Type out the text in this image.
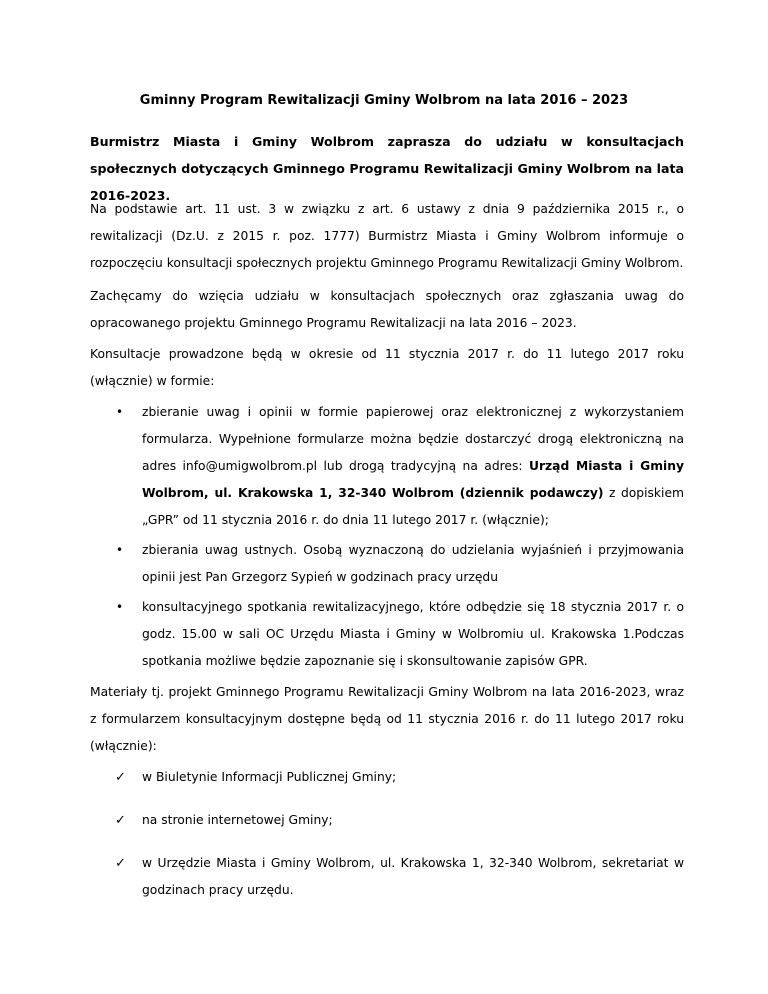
Gminny Program Rewitalizacji Gminy Wolbrom na lata 2016 – 2023
Burmistrz Miasta i Gminy Wolbrom zaprasza do udziału w konsultacjach społecznych dotyczących Gminnego Programu Rewitalizacji Gminy Wolbrom na lata 2016-2023.
Na podstawie art. 11 ust. 3 w związku z art. 6 ustawy z dnia 9 października 2015 r., o rewitalizacji (Dz.U. z 2015 r. poz. 1777) Burmistrz Miasta i Gminy Wolbrom informuje o rozpoczęciu konsultacji społecznych projektu Gminnego Programu Rewitalizacji Gminy Wolbrom.
Zachęcamy do wzięcia udziału w konsultacjach społecznych oraz zgłaszania uwag do opracowanego projektu Gminnego Programu Rewitalizacji na lata 2016 – 2023.
Konsultacje prowadzone będą w okresie od 11 stycznia 2017 r. do 11 lutego 2017 roku (włącznie) w formie:
• zbieranie uwag i opinii w formie papierowej oraz elektronicznej z wykorzystaniem formularza. Wypełnione formularze można będzie dostarczyć drogą elektroniczną na adres info@umigwolbrom.pl lub drogą tradycyjną na adres: Urząd Miasta i Gminy Wolbrom, ul. Krakowska 1, 32-340 Wolbrom (dziennik podawczy) z dopiskiem „GPR” od 11 stycznia 2016 r. do dnia 11 lutego 2017 r. (włącznie);
• zbierania uwag ustnych. Osobą wyznaczoną do udzielania wyjaśnień i przyjmowania opinii jest Pan Grzegorz Sypień w godzinach pracy urzędu
• konsultacyjnego spotkania rewitalizacyjnego, które odbędzie się 18 stycznia 2017 r. o godz. 15.00 w sali OC Urzędu Miasta i Gminy w Wolbromiu ul. Krakowska 1.Podczas spotkania możliwe będzie zapoznanie się i skonsultowanie zapisów GPR.
Materiały tj. projekt Gminnego Programu Rewitalizacji Gminy Wolbrom na lata 2016-2023, wraz z formularzem konsultacyjnym dostępne będą od 11 stycznia 2016 r. do 11 lutego 2017 roku (włącznie):
✓ w Biuletynie Informacji Publicznej Gminy;
✓ na stronie internetowej Gminy;
✓ w Urzędzie Miasta i Gminy Wolbrom, ul. Krakowska 1, 32-340 Wolbrom, sekretariat w godzinach pracy urzędu.
